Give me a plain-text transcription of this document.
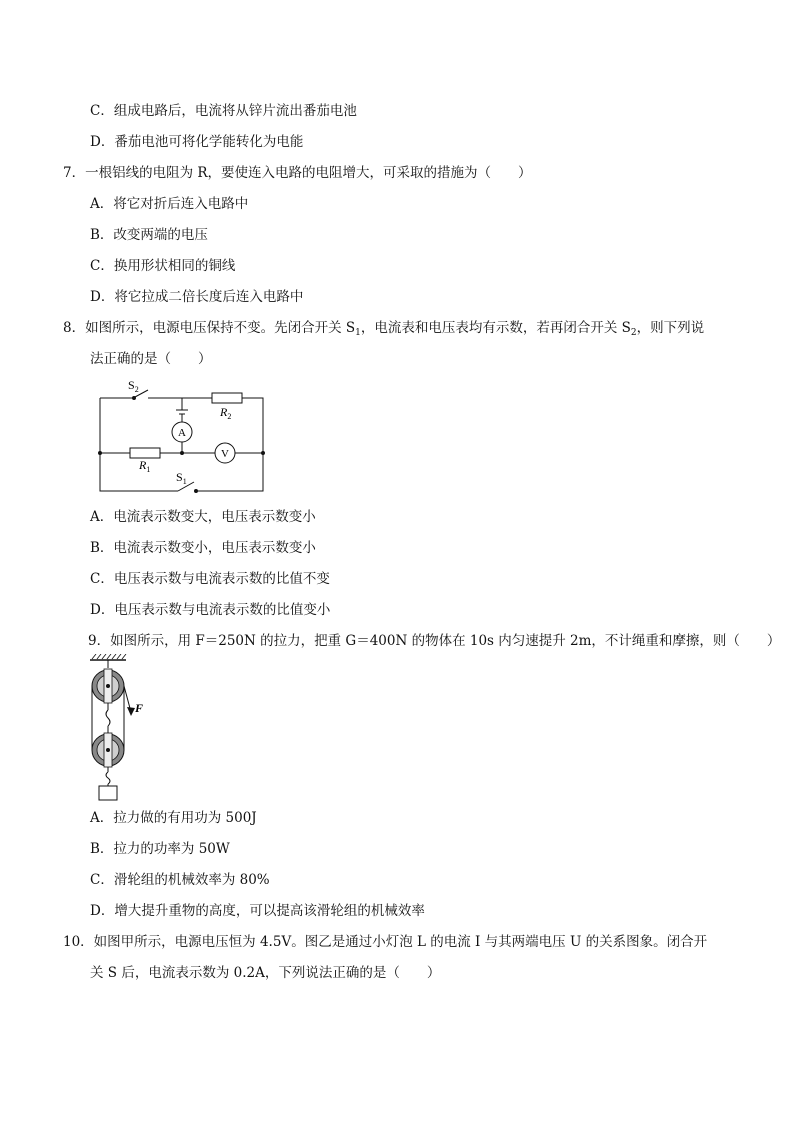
C．组成电路后，电流将从锌片流出番茄电池
D．番茄电池可将化学能转化为电能
7．一根铝线的电阻为 R，要使连入电路的电阻增大，可采取的措施为（　　）
A．将它对折后连入电路中
B．改变两端的电压
C．换用形状相同的铜线
D．将它拉成二倍长度后连入电路中
8．如图所示，电源电压保持不变。先闭合开关 $S_1$，电流表和电压表均有示数，若再闭合开关 $S_2$，则下列说
法正确的是（　　）
$S_2$
$R_2$
$R_1$
$S_1$
A
V
A．电流表示数变大，电压表示数变小
B．电流表示数变小，电压表示数变小
C．电压表示数与电流表示数的比值不变
D．电压表示数与电流表示数的比值变小
9．如图所示，用 F＝250N 的拉力，把重 G＝400N 的物体在 10s 内匀速提升 2m，不计绳重和摩擦，则（　　）
F
A．拉力做的有用功为 500J
B．拉力的功率为 50W
C．滑轮组的机械效率为 80%
D．增大提升重物的高度，可以提高该滑轮组的机械效率
10．如图甲所示，电源电压恒为 4.5V。图乙是通过小灯泡 L 的电流 I 与其两端电压 U 的关系图象。闭合开
关 S 后，电流表示数为 0.2A，下列说法正确的是（　　）
